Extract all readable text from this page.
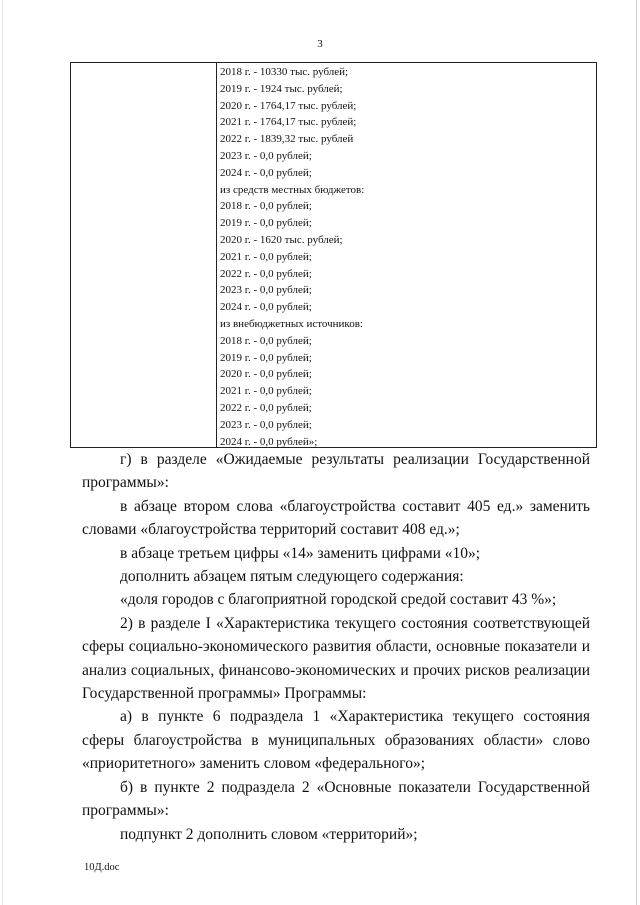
3
2018 г. - 10330 тыс. рублей;
2019 г. - 1924 тыс. рублей;
2020 г. - 1764,17 тыс. рублей;
2021 г. - 1764,17 тыс. рублей;
2022 г. - 1839,32 тыс. рублей
2023 г. - 0,0 рублей;
2024 г. - 0,0 рублей;
из средств местных бюджетов:
2018 г. - 0,0 рублей;
2019 г. - 0,0 рублей;
2020 г. - 1620 тыс. рублей;
2021 г. - 0,0 рублей;
2022 г. - 0,0 рублей;
2023 г. - 0,0 рублей;
2024 г. - 0,0 рублей;
из внебюджетных источников:
2018 г. - 0,0 рублей;
2019 г. - 0,0 рублей;
2020 г. - 0,0 рублей;
2021 г. - 0,0 рублей;
2022 г. - 0,0 рублей;
2023 г. - 0,0 рублей;
2024 г. - 0,0 рублей»;

г) в разделе «Ожидаемые результаты реализации Государственной программы»:

в абзаце втором слова «благоустройства составит 405 ед.» заменить словами «благоустройства территорий составит 408 ед.»;

в абзаце третьем цифры «14» заменить цифрами «10»;

дополнить абзацем пятым следующего содержания:

«доля городов с благоприятной городской средой составит 43 %»;

2) в разделе I «Характеристика текущего состояния соответствующей сферы социально-экономического развития области, основные показатели и анализ социальных, финансово-экономических и прочих рисков реализации Государственной программы» Программы:

а) в пункте 6 подраздела 1 «Характеристика текущего состояния сферы благоустройства в муниципальных образованиях области» слово «приоритетного» заменить словом «федерального»;

б) в пункте 2 подраздела 2 «Основные показатели Государственной программы»:

подпункт 2 дополнить словом «территорий»;

10Д.doc
